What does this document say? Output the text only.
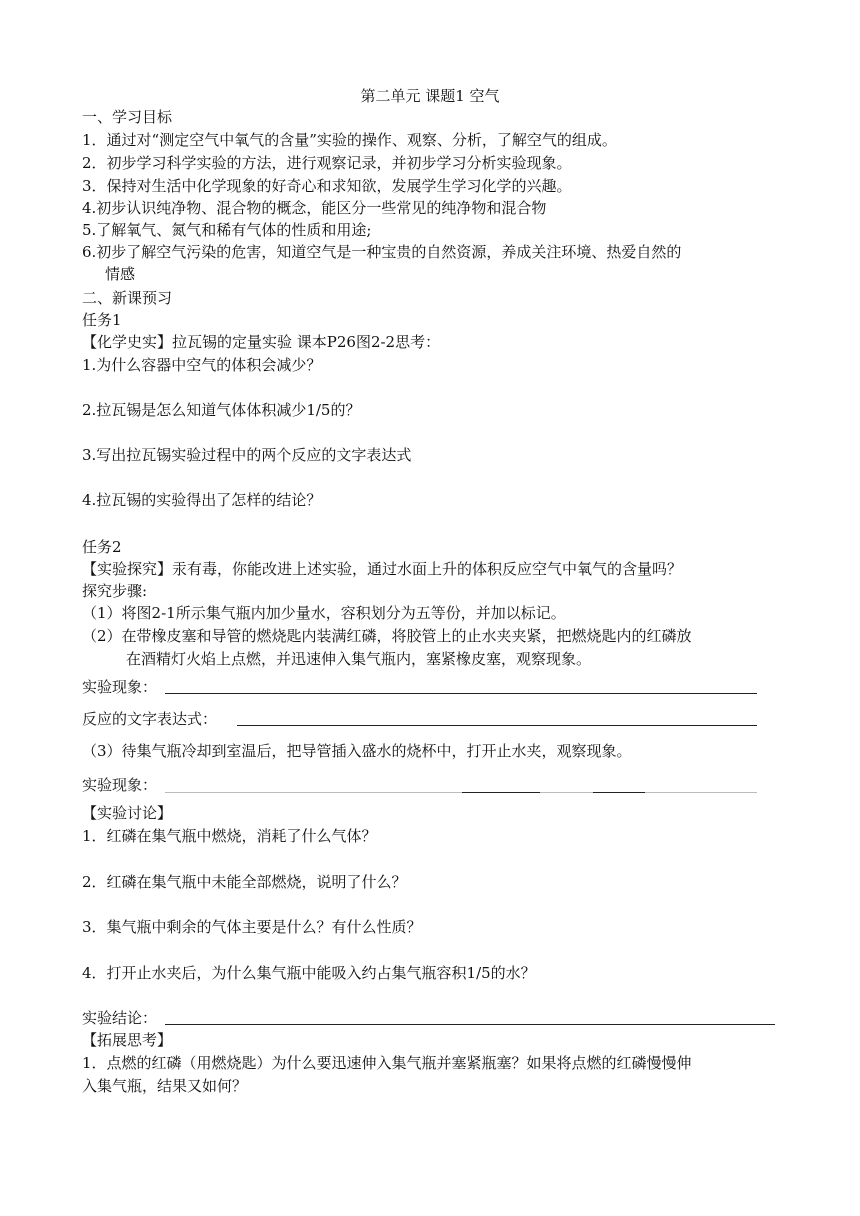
第二单元 课题1 空气
一、学习目标
1．通过对“测定空气中氧气的含量”实验的操作、观察、分析，了解空气的组成。
2．初步学习科学实验的方法，进行观察记录，并初步学习分析实验现象。
3．保持对生活中化学现象的好奇心和求知欲，发展学生学习化学的兴趣。
4.初步认识纯净物、混合物的概念，能区分一些常见的纯净物和混合物
5.了解氧气、氮气和稀有气体的性质和用途;
6.初步了解空气污染的危害，知道空气是一种宝贵的自然资源，养成关注环境、热爱自然的
情感
二、新课预习
任务1
【化学史实】拉瓦锡的定量实验 课本P26图2-2思考：
1.为什么容器中空气的体积会减少？
2.拉瓦锡是怎么知道气体体积减少1/5的？
3.写出拉瓦锡实验过程中的两个反应的文字表达式
4.拉瓦锡的实验得出了怎样的结论？
任务2
【实验探究】汞有毒，你能改进上述实验，通过水面上升的体积反应空气中氧气的含量吗？
探究步骤:
（1）将图2-1所示集气瓶内加少量水，容积划分为五等份，并加以标记。
（2）在带橡皮塞和导管的燃烧匙内装满红磷，将胶管上的止水夹夹紧，把燃烧匙内的红磷放
在酒精灯火焰上点燃，并迅速伸入集气瓶内，塞紧橡皮塞，观察现象。
实验现象：
反应的文字表达式：
（3）待集气瓶冷却到室温后，把导管插入盛水的烧杯中，打开止水夹，观察现象。
实验现象：
【实验讨论】
1．红磷在集气瓶中燃烧，消耗了什么气体？
2．红磷在集气瓶中未能全部燃烧，说明了什么？
3．集气瓶中剩余的气体主要是什么？有什么性质？
4．打开止水夹后，为什么集气瓶中能吸入约占集气瓶容积1/5的水？
实验结论：
【拓展思考】
1．点燃的红磷（用燃烧匙）为什么要迅速伸入集气瓶并塞紧瓶塞？如果将点燃的红磷慢慢伸
入集气瓶，结果又如何？
